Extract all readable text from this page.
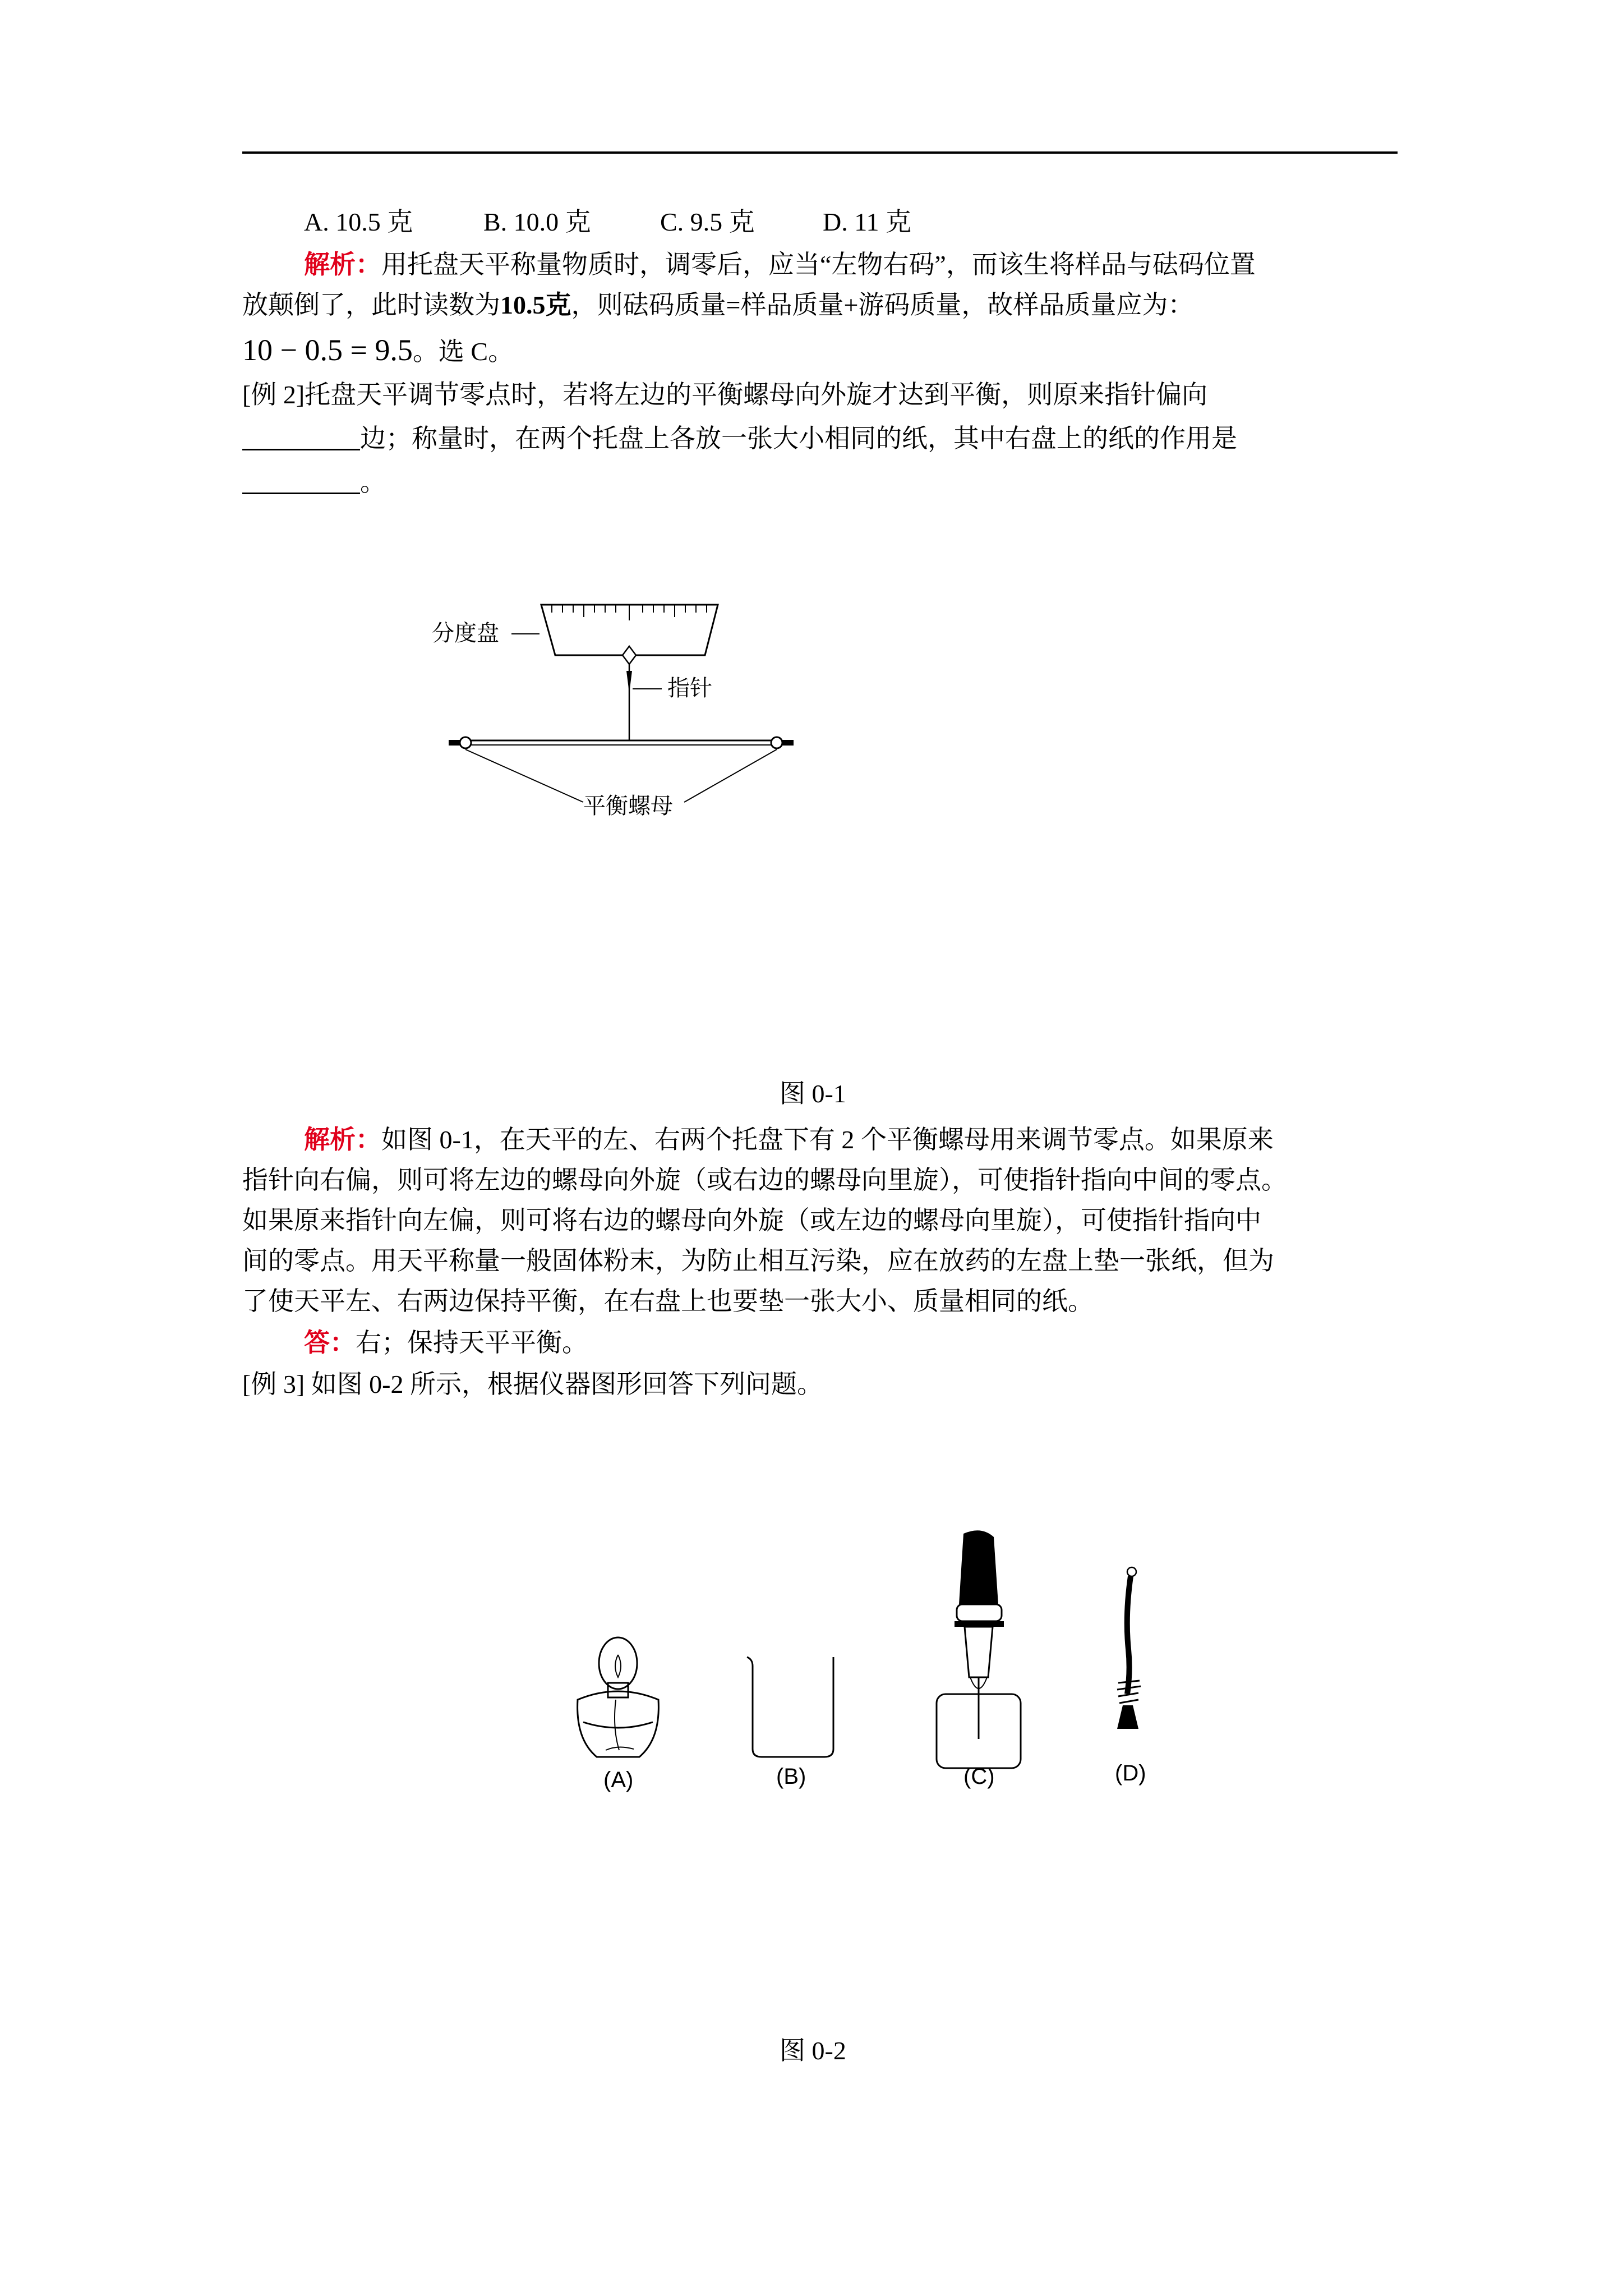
A. 10.5 克	B. 10.0 克	C. 9.5 克	D. 11 克
解析：用托盘天平称量物质时，调零后，应当“左物右码”，而该生将样品与砝码位置
放颠倒了，此时读数为10.5克，则砝码质量=样品质量+游码质量，故样品质量应为：
10 − 0.5 = 9.5。选 C。
[例 2]托盘天平调节零点时，若将左边的平衡螺母向外旋才达到平衡，则原来指针偏向
边；称量时，在两个托盘上各放一张大小相同的纸，其中右盘上的纸的作用是
。
分度盘
指针
平衡螺母
图 0-1
解析：如图 0-1，在天平的左、右两个托盘下有 2 个平衡螺母用来调节零点。如果原来
指针向右偏，则可将左边的螺母向外旋（或右边的螺母向里旋），可使指针指向中间的零点。
如果原来指针向左偏，则可将右边的螺母向外旋（或左边的螺母向里旋），可使指针指向中
间的零点。用天平称量一般固体粉末，为防止相互污染，应在放药的左盘上垫一张纸，但为
了使天平左、右两边保持平衡，在右盘上也要垫一张大小、质量相同的纸。
答：右；保持天平平衡。
[例 3] 如图 0-2 所示，根据仪器图形回答下列问题。
(A)	(B)	(C)	(D)
图 0-2
